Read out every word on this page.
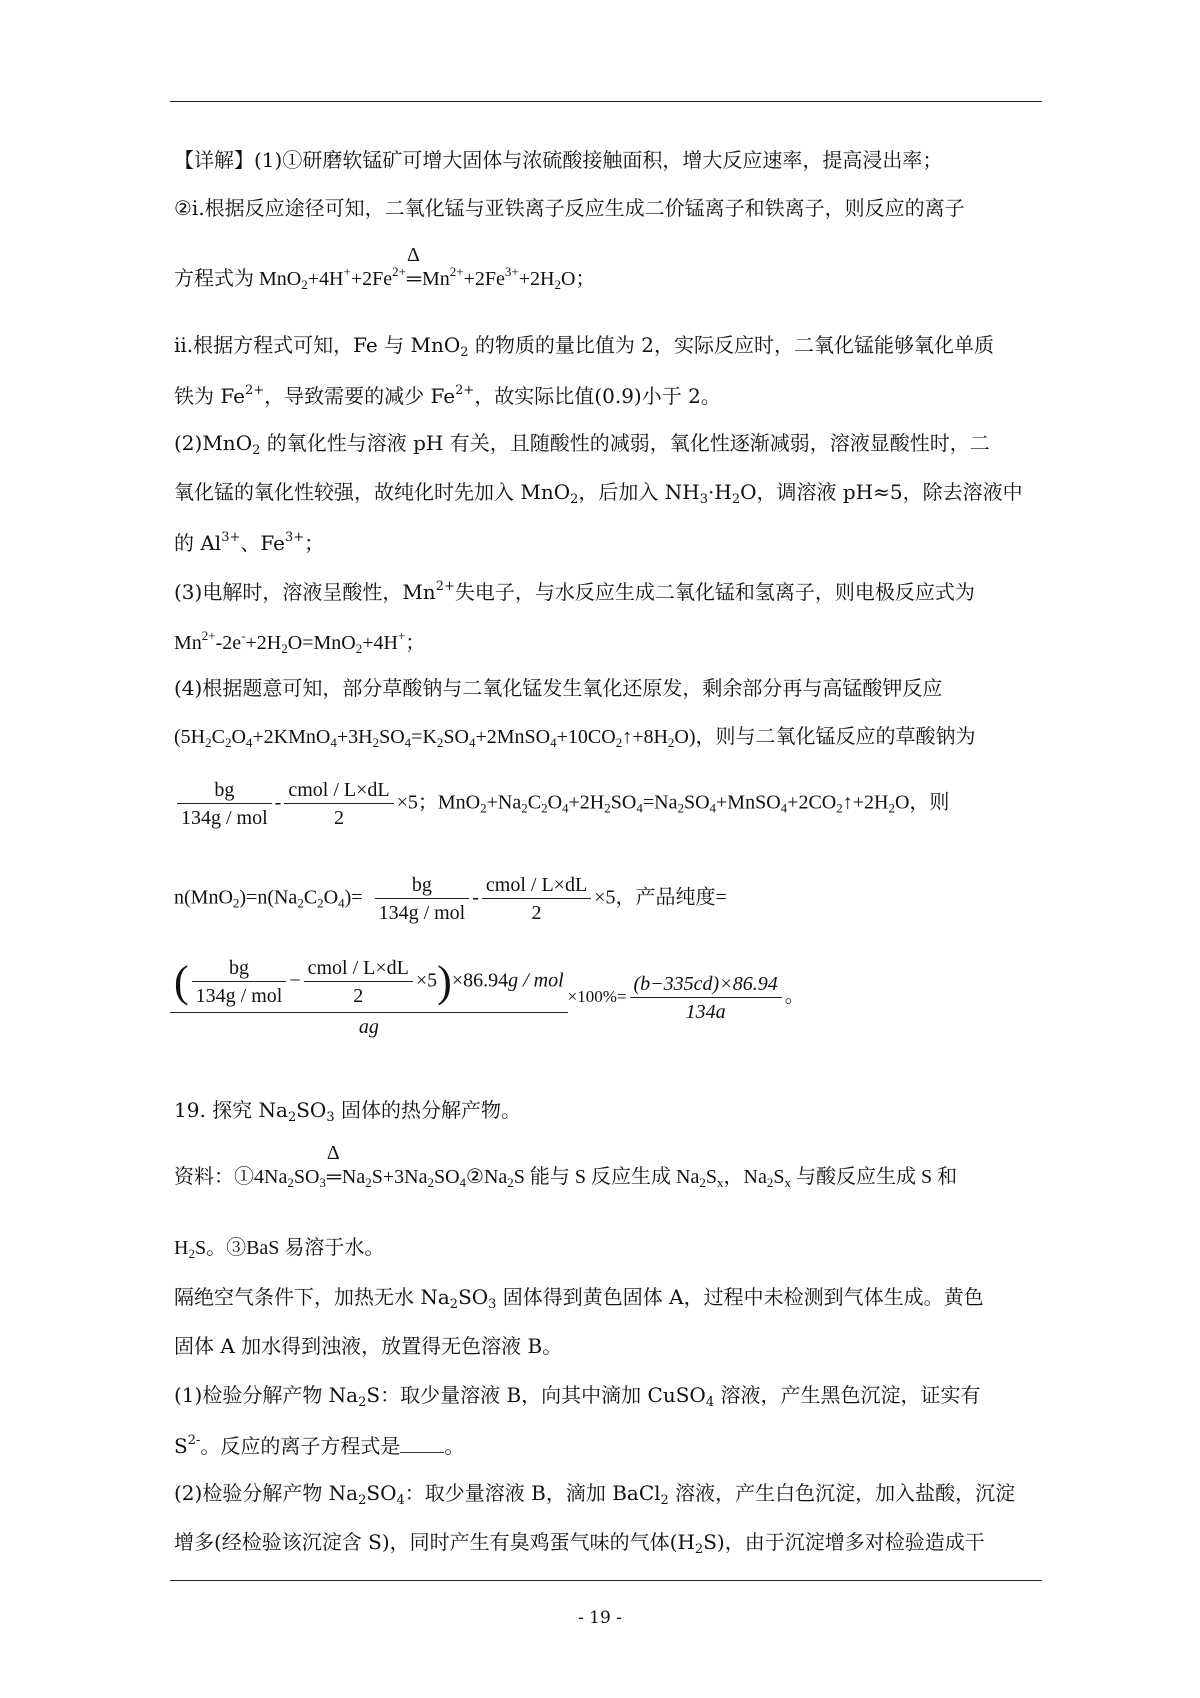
【详解】(1)①研磨软锰矿可增大固体与浓硫酸接触面积，增大反应速率，提高浸出率；
②i.根据反应途径可知，二氧化锰与亚铁离子反应生成二价锰离子和铁离子，则反应的离子
方程式为 $MnO_2+4H^++2Fe^{2+}$
Δ
$═Mn^{2+}+2Fe^{3+}+2H_2O$；
ii.根据方程式可知，Fe 与 MnO$_2$ 的物质的量比值为 2，实际反应时，二氧化锰能够氧化单质
铁为 $Fe^{2+}$，导致需要的减少 $Fe^{2+}$，故实际比值(0.9)小于 2。
(2)MnO$_2$ 的氧化性与溶液 pH 有关，且随酸性的减弱，氧化性逐渐减弱，溶液显酸性时，二
氧化锰的氧化性较强，故纯化时先加入 MnO$_2$，后加入 $NH_3\cdot H_2O$，调溶液 pH≈5，除去溶液中
的 $Al^{3+}$、$Fe^{3+}$；
(3)电解时，溶液呈酸性，$Mn^{2+}$失电子，与水反应生成二氧化锰和氢离子，则电极反应式为
$Mn^{2+}-2e^-+2H_2O=MnO_2+4H^+$；
(4)根据题意可知，部分草酸钠与二氧化锰发生氧化还原发，剩余部分再与高锰酸钾反应
$(5H_2C_2O_4+2KMnO_4+3H_2SO_4=K_2SO_4+2MnSO_4+10CO_2↑+8H_2O)$，则与二氧化锰反应的草酸钠为
$\frac{bg}{\text{134g / mol}} - \frac{\text{cmol / L×dL}}{2} \times 5$；$MnO_2+Na_2C_2O_4+2H_2SO_4=Na_2SO_4+MnSO_4+2CO_2↑+2H_2O$，则
$n(MnO_2)=n(Na_2C_2O_4)= \frac{bg}{\text{134g / mol}} - \frac{\text{cmol / L×dL}}{2} \times 5$，产品纯度=
$\frac{( \frac{bg}{\text{134g / mol}} - \frac{\text{cmol / L×dL}}{2} \times 5)\times 86.94g / mol}{ag} \times 100\%= \frac{(b-335cd)\times 86.94}{134a}$ 。
19. 探究 $Na_2SO_3$ 固体的热分解产物。
资料：$①4Na_2SO_3$
Δ
$═Na_2S+3Na_2SO_4②Na_2S$ 能与 S 反应生成 $Na_2S_x$，$Na_2S_x$ 与酸反应生成 S 和
$H_2S$。③BaS 易溶于水。
隔绝空气条件下，加热无水 $Na_2SO_3$ 固体得到黄色固体 A，过程中未检测到气体生成。黄色
固体 A 加水得到浊液，放置得无色溶液 B。
(1)检验分解产物 $Na_2S$：取少量溶液 B，向其中滴加 CuSO$_4$ 溶液，产生黑色沉淀，证实有
$S^{2-}$。反应的离子方程式是 。
(2)检验分解产物 $Na_2SO_4$：取少量溶液 B，滴加 BaCl$_2$ 溶液，产生白色沉淀，加入盐酸，沉淀
增多(经检验该沉淀含 S)，同时产生有臭鸡蛋气味的气体$(H_2S)$，由于沉淀增多对检验造成干
- 19 -
